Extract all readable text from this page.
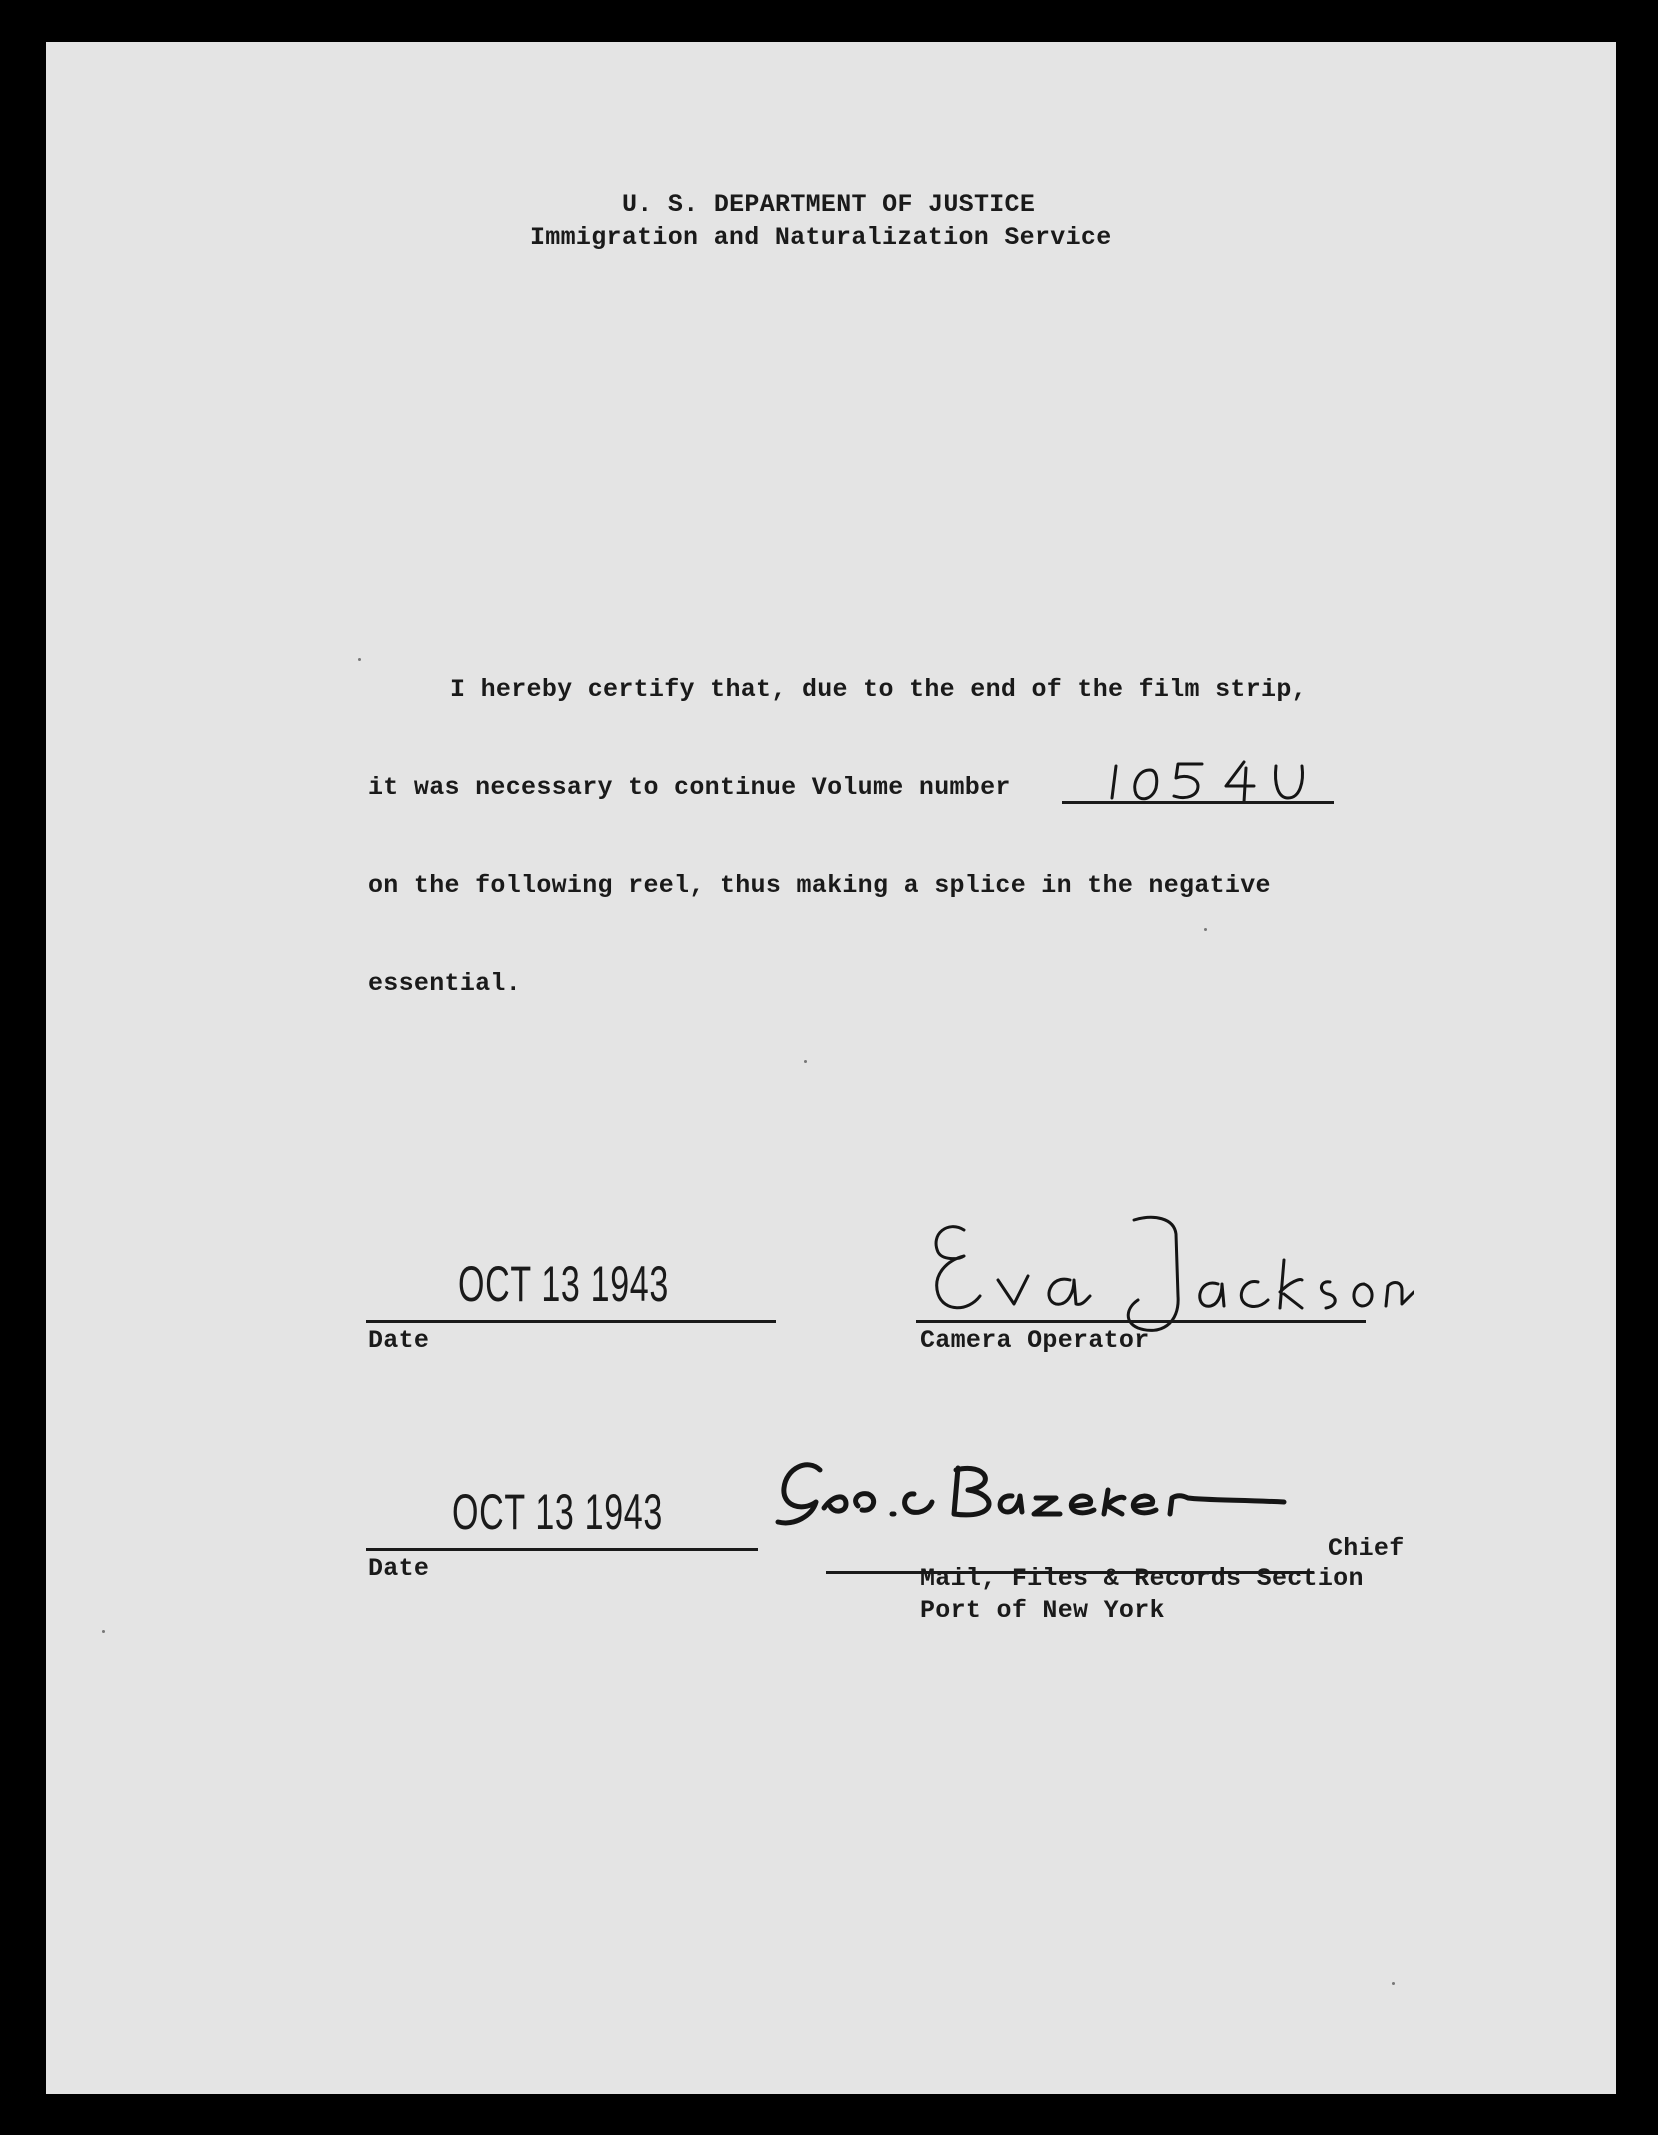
U. S. DEPARTMENT OF JUSTICE
Immigration and Naturalization Service
I hereby certify that, due to the end of the film strip,
it was necessary to continue Volume number
on the following reel, thus making a splice in the negative
essential.
OCT 13 1943
Date	Camera Operator
OCT 13 1943
Date
Chief
Mail, Files & Records Section
Port of New York
